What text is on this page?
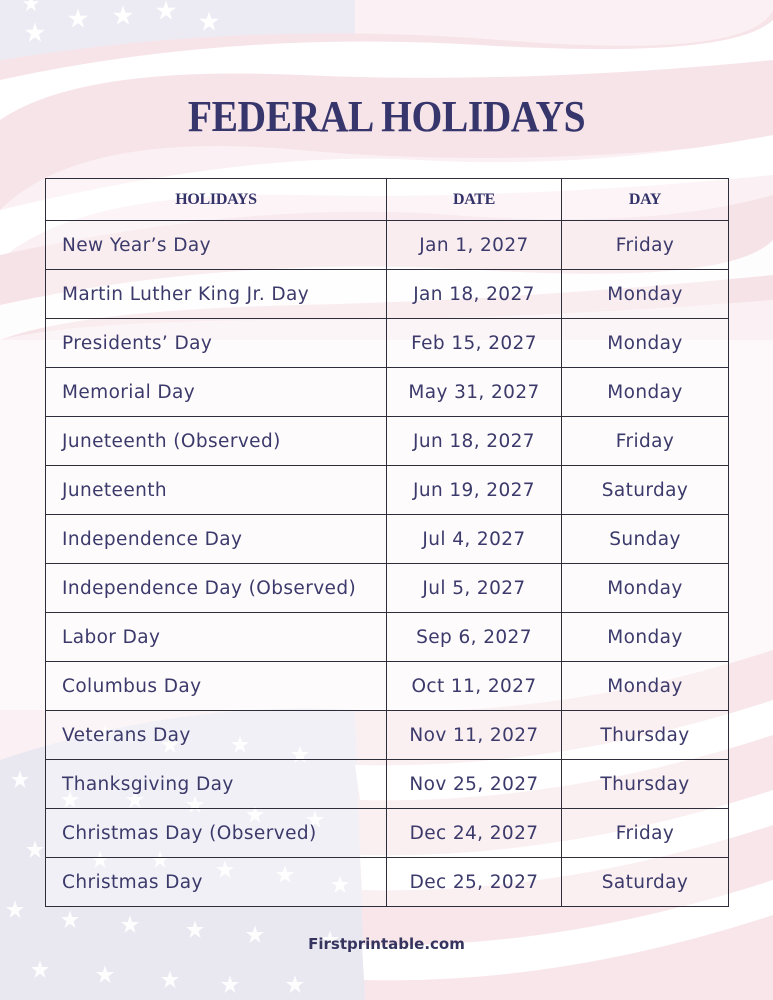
FEDERAL HOLIDAYS
HOLIDAYS	DATE	DAY
New Year’s Day	Jan 1, 2027	Friday
Martin Luther King Jr. Day	Jan 18, 2027	Monday
Presidents’ Day	Feb 15, 2027	Monday
Memorial Day	May 31, 2027	Monday
Juneteenth (Observed)	Jun 18, 2027	Friday
Juneteenth	Jun 19, 2027	Saturday
Independence Day	Jul 4, 2027	Sunday
Independence Day (Observed)	Jul 5, 2027	Monday
Labor Day	Sep 6, 2027	Monday
Columbus Day	Oct 11, 2027	Monday
Veterans Day	Nov 11, 2027	Thursday
Thanksgiving Day	Nov 25, 2027	Thursday
Christmas Day (Observed)	Dec 24, 2027	Friday
Christmas Day	Dec 25, 2027	Saturday
Firstprintable.com
